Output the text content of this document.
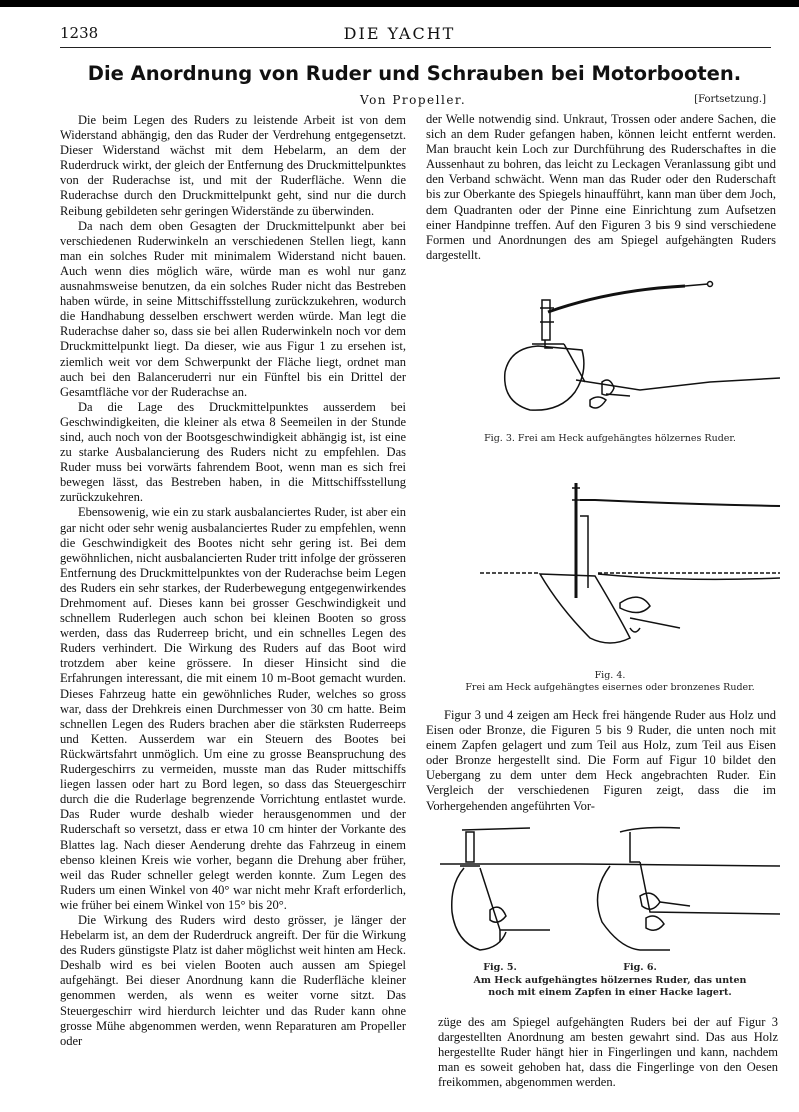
1238	DIE YACHT
Die Anordnung von Ruder und Schrauben bei Motorbooten.
Von Propeller.	[Fortsetzung.]

Die beim Legen des Ruders zu leistende Arbeit ist von dem Widerstand abhängig, den das Ruder der Verdrehung entgegensetzt. Dieser Widerstand wächst mit dem Hebelarm, an dem der Ruderdruck wirkt, der gleich der Entfernung des Druckmittelpunktes von der Ruderachse ist, und mit der Ruderfläche. Wenn die Ruderachse durch den Druckmittelpunkt geht, sind nur die durch Reibung gebildeten sehr geringen Widerstände zu überwinden.

Da nach dem oben Gesagten der Druckmittelpunkt aber bei verschiedenen Ruderwinkeln an verschiedenen Stellen liegt, kann man ein solches Ruder mit minimalem Widerstand nicht bauen. Auch wenn dies möglich wäre, würde man es wohl nur ganz ausnahmsweise benutzen, da ein solches Ruder nicht das Bestreben haben würde, in seine Mittschiffsstellung zurückzukehren, wodurch die Handhabung desselben erschwert werden würde. Man legt die Ruderachse daher so, dass sie bei allen Ruderwinkeln noch vor dem Druckmittelpunkt liegt. Da dieser, wie aus Figur 1 zu ersehen ist, ziemlich weit vor dem Schwerpunkt der Fläche liegt, ordnet man auch bei den Balanceruderri nur ein Fünftel bis ein Drittel der Gesamtfläche vor der Ruderachse an.

Da die Lage des Druckmittelpunktes ausserdem bei Geschwindigkeiten, die kleiner als etwa 8 Seemeilen in der Stunde sind, auch noch von der Bootsgeschwindigkeit abhängig ist, ist eine zu starke Ausbalancierung des Ruders nicht zu empfehlen. Das Ruder muss bei vorwärts fahrendem Boot, wenn man es sich frei bewegen lässt, das Bestreben haben, in die Mittschiffsstellung zurückzukehren.

Ebensowenig, wie ein zu stark ausbalanciertes Ruder, ist aber ein gar nicht oder sehr wenig ausbalanciertes Ruder zu empfehlen, wenn die Geschwindigkeit des Bootes nicht sehr gering ist. Bei dem gewöhnlichen, nicht ausbalancierten Ruder tritt infolge der grösseren Entfernung des Druckmittelpunktes von der Ruderachse beim Legen des Ruders ein sehr starkes, der Ruderbewegung entgegenwirkendes Drehmoment auf. Dieses kann bei grosser Geschwindigkeit und schnellem Ruderlegen auch schon bei kleinen Booten so gross werden, dass das Ruderreep bricht, und ein schnelles Legen des Ruders verhindert. Die Wirkung des Ruders auf das Boot wird trotzdem aber keine grössere. In dieser Hinsicht sind die Erfahrungen interessant, die mit einem 10 m-Boot gemacht wurden. Dieses Fahrzeug hatte ein gewöhnliches Ruder, welches so gross war, dass der Drehkreis einen Durchmesser von 30 cm hatte. Beim schnellen Legen des Ruders brachen aber die stärksten Ruderreeps und Ketten. Ausserdem war ein Steuern des Bootes bei Rückwärtsfahrt unmöglich. Um eine zu grosse Beanspruchung des Rudergeschirrs zu vermeiden, musste man das Ruder mittschiffs liegen lassen oder hart zu Bord legen, so dass das Steuergeschirr durch die die Ruderlage begrenzende Vorrichtung entlastet wurde. Das Ruder wurde deshalb wieder herausgenommen und der Ruderschaft so versetzt, dass er etwa 10 cm hinter der Vorkante des Blattes lag. Nach dieser Aenderung drehte das Fahrzeug in einem ebenso kleinen Kreis wie vorher, begann die Drehung aber früher, weil das Ruder schneller gelegt werden konnte. Zum Legen des Ruders um einen Winkel von 40° war nicht mehr Kraft erforderlich, wie früher bei einem Winkel von 15° bis 20°.

Die Wirkung des Ruders wird desto grösser, je länger der Hebelarm ist, an dem der Ruderdruck angreift. Der für die Wirkung des Ruders günstigste Platz ist daher möglichst weit hinten am Heck. Deshalb wird es bei vielen Booten auch aussen am Spiegel aufgehängt. Bei dieser Anordnung kann die Ruderfläche kleiner genommen werden, als wenn es weiter vorne sitzt. Das Steuergeschirr wird hierdurch leichter und das Ruder kann ohne grosse Mühe abgenommen werden, wenn Reparaturen am Propeller oder

der Welle notwendig sind. Unkraut, Trossen oder andere Sachen, die sich an dem Ruder gefangen haben, können leicht entfernt werden. Man braucht kein Loch zur Durchführung des Ruderschaftes in die Aussenhaut zu bohren, das leicht zu Leckagen Veranlassung gibt und den Verband schwächt. Wenn man das Ruder oder den Ruderschaft bis zur Oberkante des Spiegels hinaufführt, kann man über dem Joch, dem Quadranten oder der Pinne eine Einrichtung zum Aufsetzen einer Handpinne treffen. Auf den Figuren 3 bis 9 sind verschiedene Formen und Anordnungen des am Spiegel aufgehängten Ruders dargestellt.

Fig. 3. Frei am Heck aufgehängtes hölzernes Ruder.
Fig. 4.
Frei am Heck aufgehängtes eisernes oder bronzenes Ruder.

Figur 3 und 4 zeigen am Heck frei hängende Ruder aus Holz und Eisen oder Bronze, die Figuren 5 bis 9 Ruder, die unten noch mit einem Zapfen gelagert und zum Teil aus Holz, zum Teil aus Eisen oder Bronze hergestellt sind. Die Form auf Figur 10 bildet den Uebergang zu dem unter dem Heck angebrachten Ruder. Ein Vergleich der verschiedenen Figuren zeigt, dass die im Vorhergehenden angeführten Vor-

Fig. 5.	Fig. 6.
Am Heck aufgehängtes hölzernes Ruder, das unten
noch mit einem Zapfen in einer Hacke lagert.

züge des am Spiegel aufgehängten Ruders bei der auf Figur 3 dargestellten Anordnung am besten gewahrt sind. Das aus Holz hergestellte Ruder hängt hier in Fingerlingen und kann, nachdem man es soweit gehoben hat, dass die Fingerlinge von den Oesen freikommen, abgenommen werden.
